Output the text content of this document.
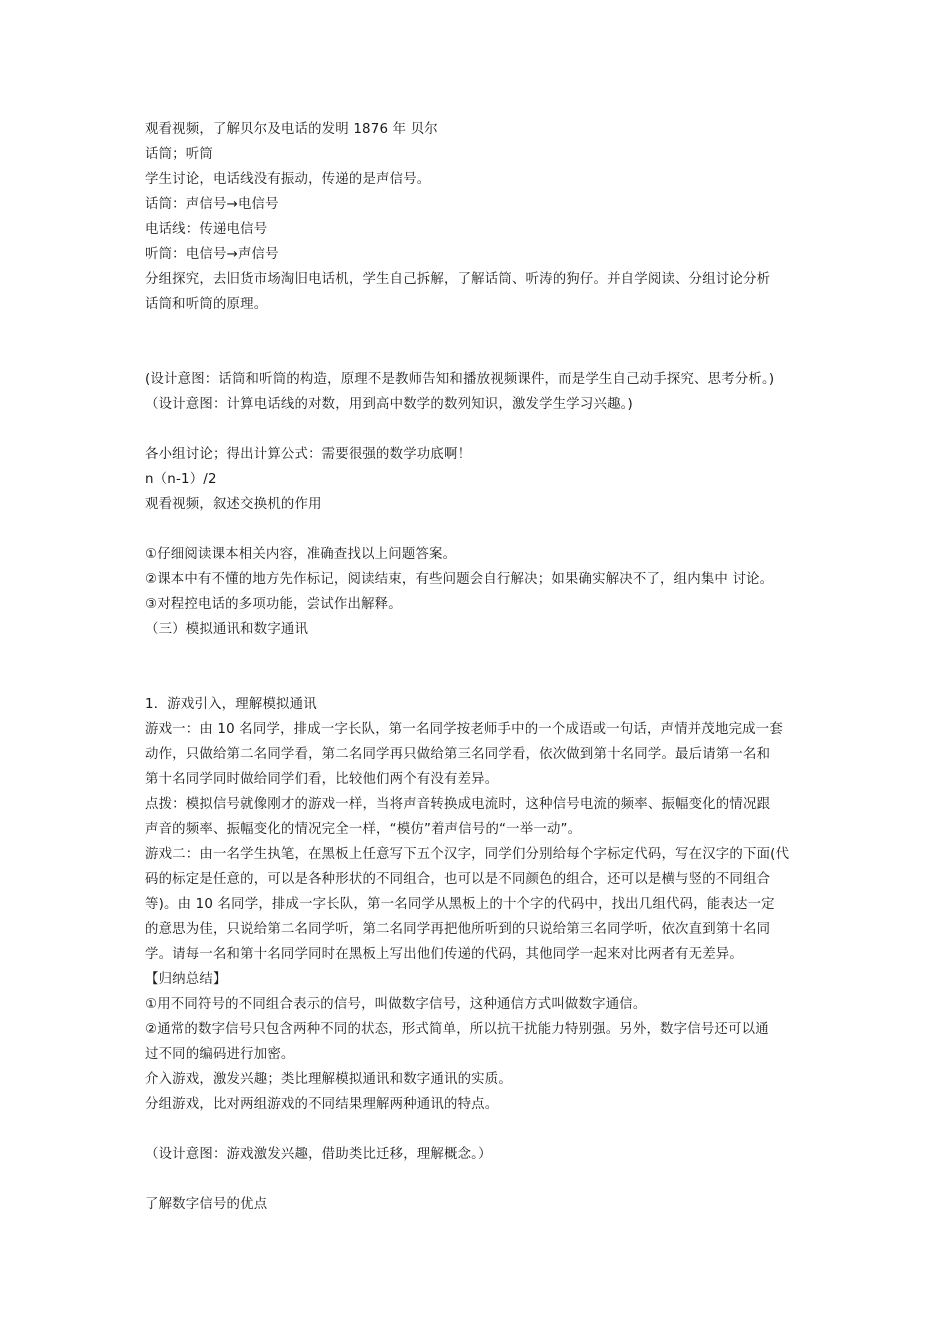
观看视频，了解贝尔及电话的发明 1876 年 贝尔
话筒；听筒
学生讨论，电话线没有振动，传递的是声信号。
话筒：声信号→电信号
电话线：传递电信号
听筒：电信号→声信号
分组探究，去旧货市场淘旧电话机，学生自己拆解，了解话筒、听涛的狗仔。并自学阅读、分组讨论分析
话筒和听筒的原理。
(设计意图：话筒和听筒的构造，原理不是教师告知和播放视频课件，而是学生自己动手探究、思考分析。)
（设计意图：计算电话线的对数，用到高中数学的数列知识，激发学生学习兴趣。)
各小组讨论；得出计算公式：需要很强的数学功底啊！
n（n-1）/2
观看视频，叙述交换机的作用
①仔细阅读课本相关内容，准确查找以上问题答案。
②课本中有不懂的地方先作标记，阅读结束，有些问题会自行解决；如果确实解决不了，组内集中 讨论。
③对程控电话的多项功能，尝试作出解释。
（三）模拟通讯和数字通讯
1．游戏引入，理解模拟通讯
游戏一：由 10 名同学，排成一字长队，第一名同学按老师手中的一个成语或一句话，声情并茂地完成一套
动作，只做给第二名同学看，第二名同学再只做给第三名同学看，依次做到第十名同学。最后请第一名和
第十名同学同时做给同学们看，比较他们两个有没有差异。
点拨：模拟信号就像刚才的游戏一样，当将声音转换成电流时，这种信号电流的频率、振幅变化的情况跟
声音的频率、振幅变化的情况完全一样，“模仿”着声信号的“一举一动”。
游戏二：由一名学生执笔，在黑板上任意写下五个汉字，同学们分别给每个字标定代码，写在汉字的下面(代
码的标定是任意的，可以是各种形状的不同组合，也可以是不同颜色的组合，还可以是横与竖的不同组合
等)。由 10 名同学，排成一字长队，第一名同学从黑板上的十个字的代码中，找出几组代码，能表达一定
的意思为佳，只说给第二名同学听，第二名同学再把他所听到的只说给第三名同学听，依次直到第十名同
学。请每一名和第十名同学同时在黑板上写出他们传递的代码，其他同学一起来对比两者有无差异。
【归纳总结】
①用不同符号的不同组合表示的信号，叫做数字信号，这种通信方式叫做数字通信。
②通常的数字信号只包含两种不同的状态，形式简单，所以抗干扰能力特别强。另外，数字信号还可以通
过不同的编码进行加密。
介入游戏，激发兴趣；类比理解模拟通讯和数字通讯的实质。
分组游戏，比对两组游戏的不同结果理解两种通讯的特点。
（设计意图：游戏激发兴趣，借助类比迁移，理解概念。）
了解数字信号的优点
